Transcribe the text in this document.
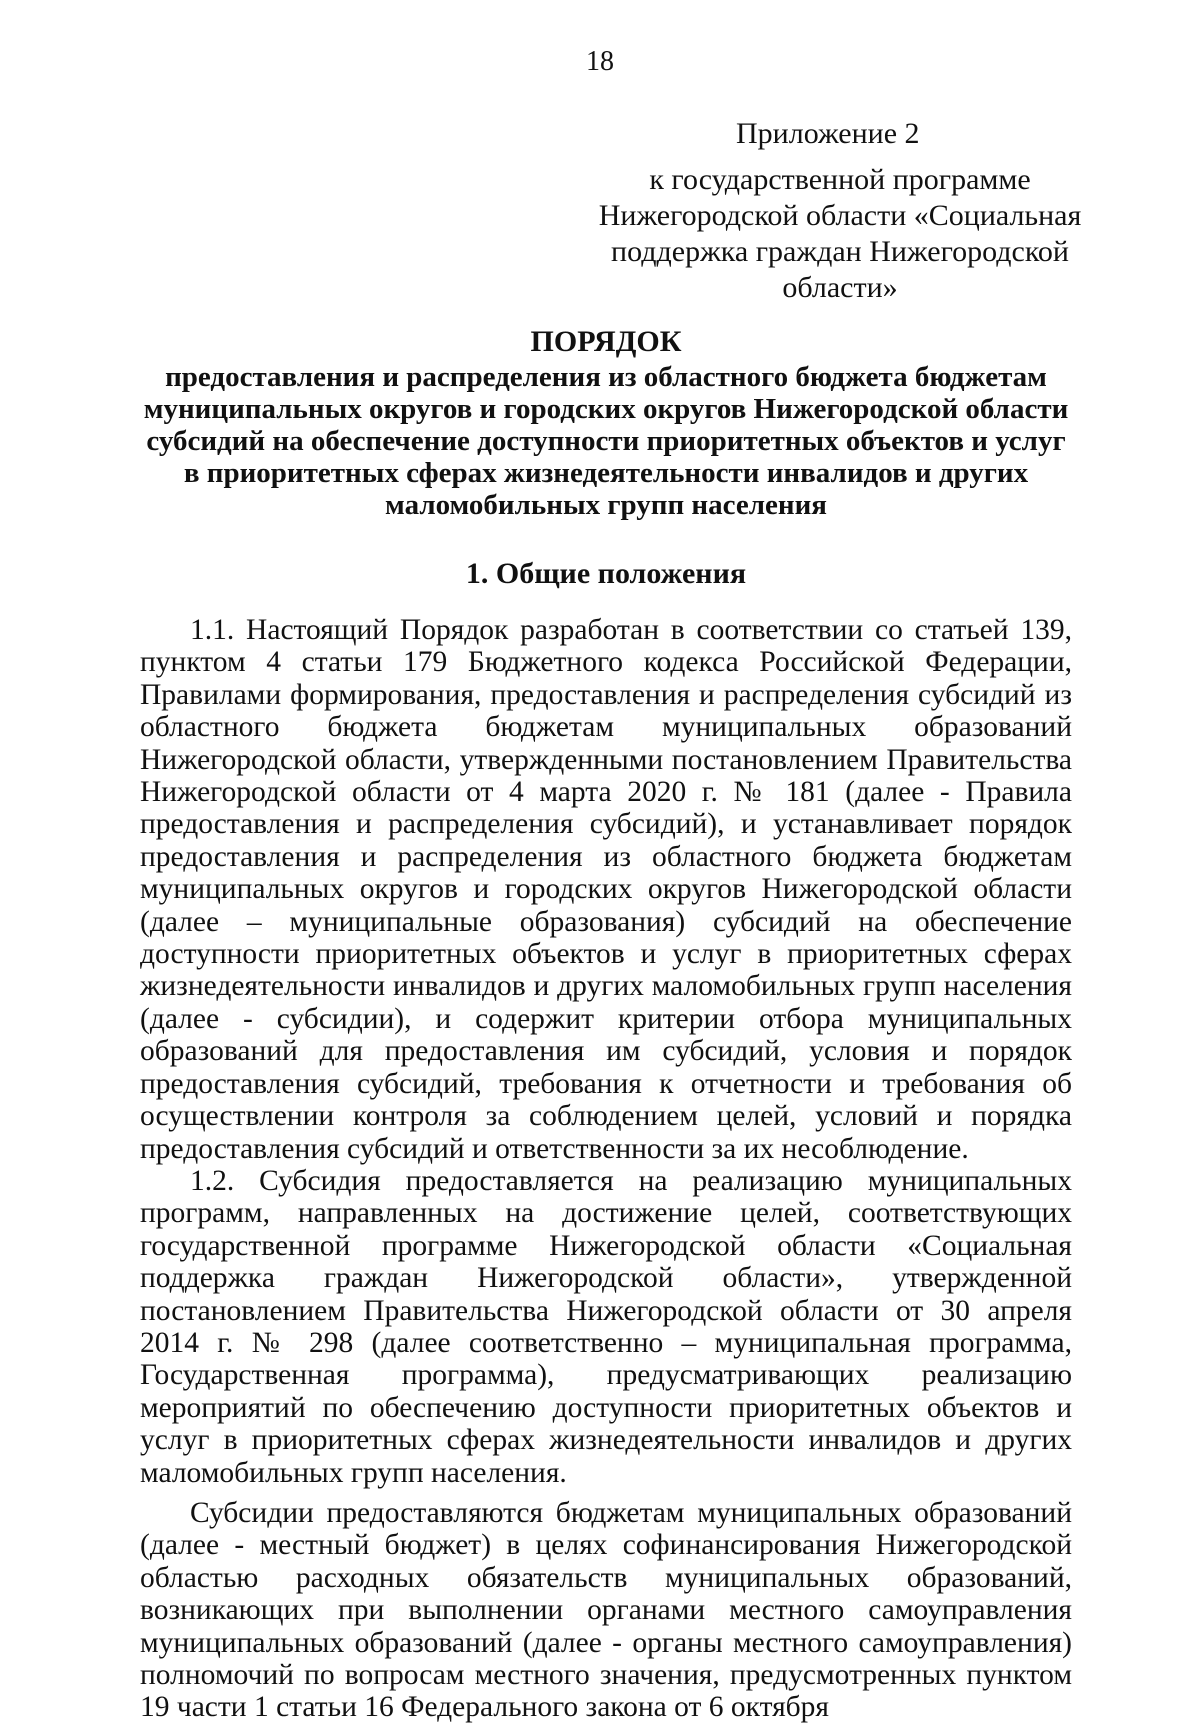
18
Приложение 2
к государственной программе Нижегородской области «Социальная поддержка граждан Нижегородской области»
ПОРЯДОК
предоставления и распределения из областного бюджета бюджетам муниципальных округов и городских округов Нижегородской области субсидий на обеспечение доступности приоритетных объектов и услуг в приоритетных сферах жизнедеятельности инвалидов и других маломобильных групп населения
1. Общие положения

1.1. Настоящий Порядок разработан в соответствии со статьей 139, пунктом 4 статьи 179 Бюджетного кодекса Российской Федерации, Правилами формирования, предоставления и распределения субсидий из областного бюджета бюджетам муниципальных образований Нижегородской области, утвержденными постановлением Правительства Нижегородской области от 4 марта 2020 г. № 181 (далее - Правила предоставления и распределения субсидий), и устанавливает порядок предоставления и распределения из областного бюджета бюджетам муниципальных округов и городских округов Нижегородской области (далее – муниципальные образования) субсидий на обеспечение доступности приоритетных объектов и услуг в приоритетных сферах жизнедеятельности инвалидов и других маломобильных групп населения (далее - субсидии), и содержит критерии отбора муниципальных образований для предоставления им субсидий, условия и порядок предоставления субсидий, требования к отчетности и требования об осуществлении контроля за соблюдением целей, условий и порядка предоставления субсидий и ответственности за их несоблюдение.

1.2. Субсидия предоставляется на реализацию муниципальных программ, направленных на достижение целей, соответствующих государственной программе Нижегородской области «Социальная поддержка граждан Нижегородской области», утвержденной постановлением Правительства Нижегородской области от 30 апреля 2014 г. № 298 (далее соответственно – муниципальная программа, Государственная программа), предусматривающих реализацию мероприятий по обеспечению доступности приоритетных объектов и услуг в приоритетных сферах жизнедеятельности инвалидов и других маломобильных групп населения.

Субсидии предоставляются бюджетам муниципальных образований (далее - местный бюджет) в целях софинансирования Нижегородской областью расходных обязательств муниципальных образований, возникающих при выполнении органами местного самоуправления муниципальных образований (далее - органы местного самоуправления) полномочий по вопросам местного значения, предусмотренных пунктом 19 части 1 статьи 16 Федерального закона от 6 октября
